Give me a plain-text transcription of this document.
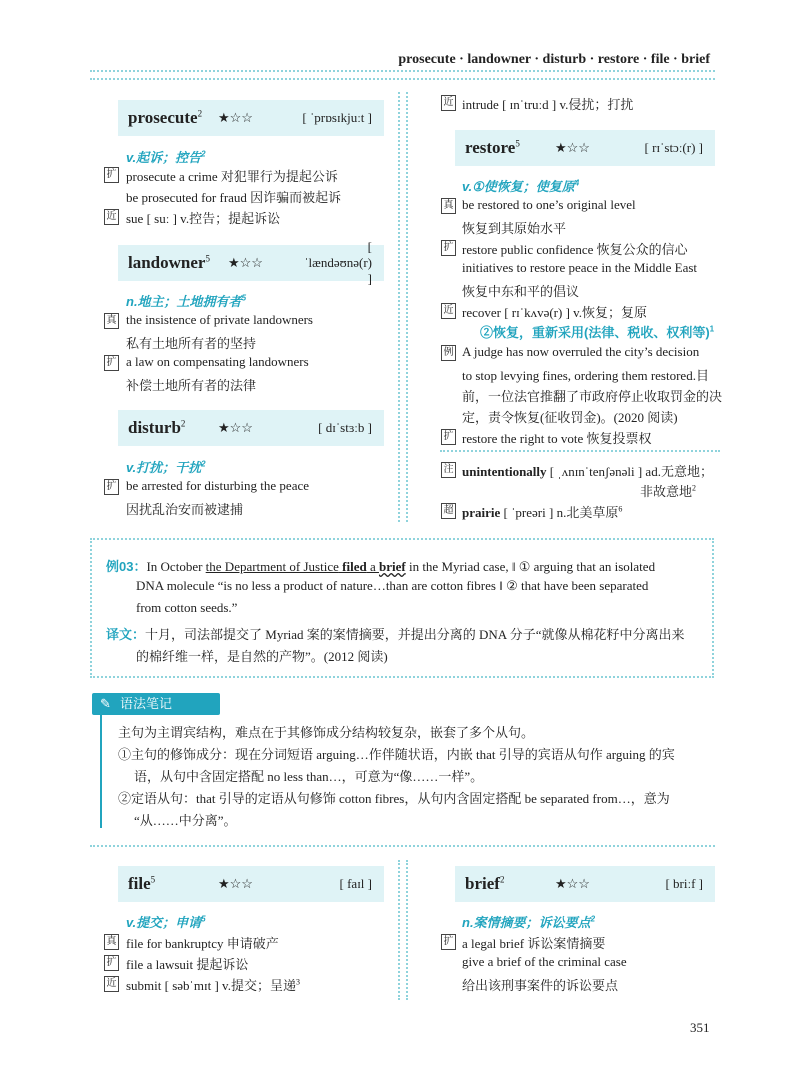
prosecute · landowner · disturb · restore · file · brief
prosecute$^2$	★☆☆	[ ˈprɒsɪkjuːt ]
v.起诉；控告$^2$
扩 prosecute a crime 对犯罪行为提起公诉
be prosecuted for fraud 因诈骗而被起诉
近 sue [ suː ] v.控告；提起诉讼
landowner$^5$	★☆☆
[ ˈlændəʊnə(r) ]
n.地主；土地拥有者$^5$
真 the insistence of private landowners
私有土地所有者的坚持
扩 a law on compensating landowners
补偿土地所有者的法律
disturb$^2$	★☆☆	[ dɪˈstɜːb ]
v.打扰；干扰$^2$
扩 be arrested for disturbing the peace
因扰乱治安而被逮捕
近 intrude [ ɪnˈtruːd ] v.侵扰；打扰
restore$^5$	★☆☆	[ rɪˈstɔː(r) ]
v.①使恢复；使复原$^4$
真 be restored to one’s original level
恢复到其原始水平
扩 restore public confidence 恢复公众的信心
initiatives to restore peace in the Middle East
恢复中东和平的倡议
近 recover [ rɪˈkʌvə(r) ] v.恢复；复原
②恢复，重新采用(法律、税收、权利等)$^1$
例 A judge has now overruled the city’s decision
to stop levying fines, ordering them restored.目
前，一位法官推翻了市政府停止收取罚金的决
定，责令恢复(征收罚金)。(2020 阅读)
扩 restore the right to vote 恢复投票权
注 unintentionally [ ˌʌnɪnˈtenʃənəli ] ad.无意地；
非故意地$^2$
超 prairie [ ˈpreəri ] n.北美草原$^6$
例03：In October the Department of Justice filed a brief in the Myriad case, ‖ ① arguing that an isolated
DNA molecule “is no less a product of nature…than are cotton fibres ‖ ② that have been separated
from cotton seeds.”
译文：十月，司法部提交了 Myriad 案的案情摘要，并提出分离的 DNA 分子“就像从棉花籽中分离出来
的棉纤维一样，是自然的产物”。(2012 阅读)
✎ 语法笔记
主句为主谓宾结构，难点在于其修饰成分结构较复杂，嵌套了多个从句。
①主句的修饰成分：现在分词短语 arguing…作伴随状语，内嵌 that 引导的宾语从句作 arguing 的宾
语，从句中含固定搭配 no less than…，可意为“像……一样”。
②定语从句：that 引导的定语从句修饰 cotton fibres，从句内含固定搭配 be separated from…，意为
“从……中分离”。
file$^5$	★☆☆	[ faɪl ]
v.提交；申请$^5$
真 file for bankruptcy 申请破产
扩 file a lawsuit 提起诉讼
近 submit [ səbˈmɪt ] v.提交；呈递$^3$
brief$^2$	★☆☆	[ briːf ]
n.案情摘要；诉讼要点$^2$
扩 a legal brief 诉讼案情摘要
give a brief of the criminal case
给出该刑事案件的诉讼要点
351
